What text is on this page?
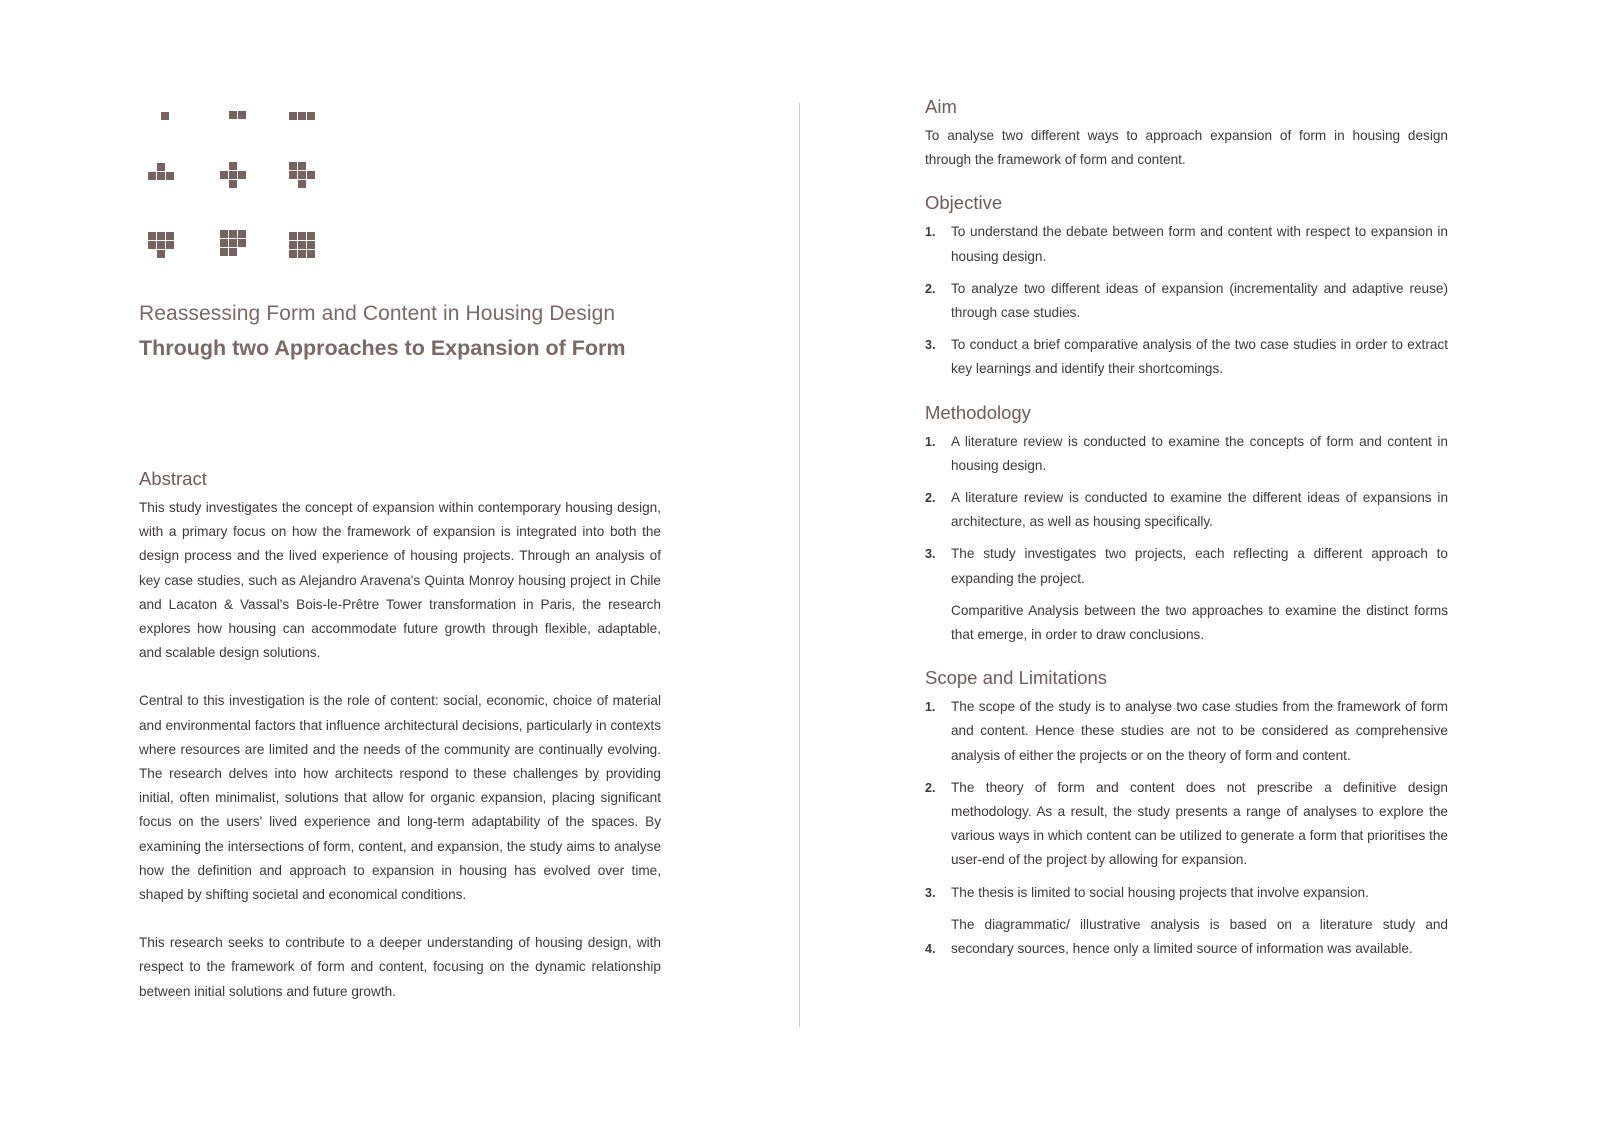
Reassessing Form and Content in Housing Design
Through two Approaches to Expansion of Form
Abstract

This study investigates the concept of expansion within contemporary housing design, with a primary focus on how the framework of expansion is integrated into both the design process and the lived experience of housing projects. Through an analysis of key case studies, such as Alejandro Aravena's Quinta Monroy housing project in Chile and Lacaton & Vassal's Bois-le-Prêtre Tower transformation in Paris, the research explores how housing can accommodate future growth through flexible, adaptable, and scalable design solutions.

Central to this investigation is the role of content: social, economic, choice of material and environmental factors that influence architectural decisions, particularly in contexts where resources are limited and the needs of the community are continually evolving. The research delves into how architects respond to these challenges by providing initial, often minimalist, solutions that allow for organic expansion, placing significant focus on the users' lived experience and long-term adaptability of the spaces. By examining the intersections of form, content, and expansion, the study aims to analyse how the definition and approach to expansion in housing has evolved over time, shaped by shifting societal and economical conditions.

This research seeks to contribute to a deeper understanding of housing design, with respect to the framework of form and content, focusing on the dynamic relationship between initial solutions and future growth.

Aim

To analyse two different ways to approach expansion of form in housing design through the framework of form and content.

Objective
1. To understand the debate between form and content with respect to expansion in housing design.
2. To analyze two different ideas of expansion (incrementality and adaptive reuse) through case studies.
3. To conduct a brief comparative analysis of the two case studies in order to extract key learnings and identify their shortcomings.
Methodology
1. A literature review is conducted to examine the concepts of form and content in housing design.
2. A literature review is conducted to examine the different ideas of expansions in architecture, as well as housing specifically.
3. The study investigates two projects, each reflecting a different approach to expanding the project.

Comparitive Analysis between the two approaches to examine the distinct forms that emerge, in order to draw conclusions.

Scope and Limitations
1. The scope of the study is to analyse two case studies from the framework of form and content. Hence these studies are not to be considered as comprehensive analysis of either the projects or on the theory of form and content.
2. The theory of form and content does not prescribe a definitive design methodology. As a result, the study presents a range of analyses to explore the various ways in which content can be utilized to generate a form that prioritises the user-end of the project by allowing for expansion.
3. The thesis is limited to social housing projects that involve expansion.
4.
The diagrammatic/ illustrative analysis is based on a literature study and secondary sources, hence only a limited source of information was available.
